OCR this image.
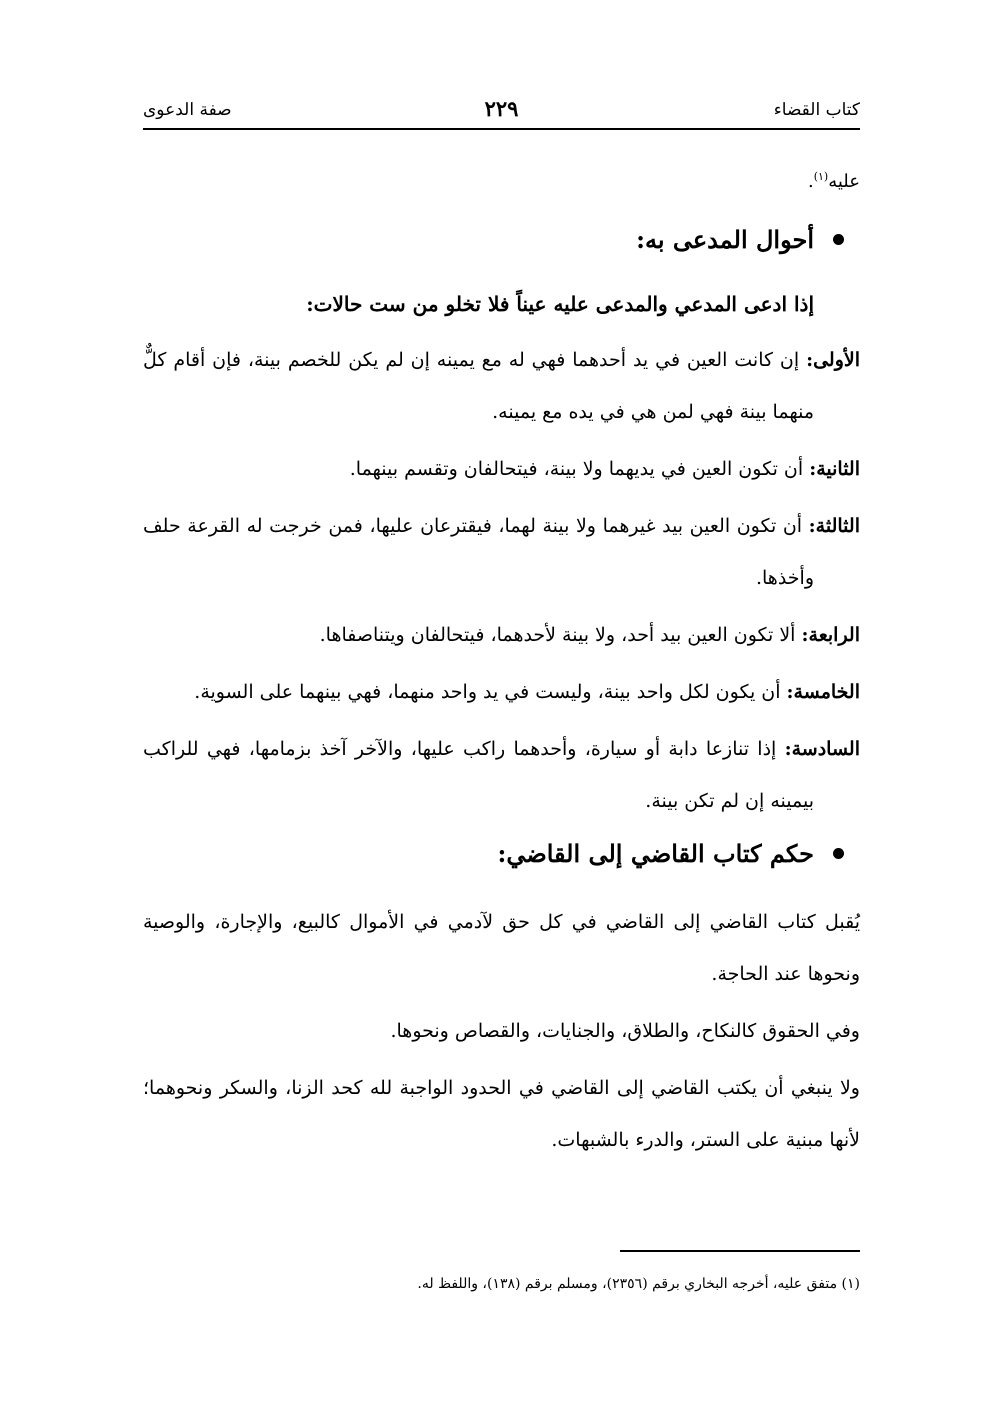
كتاب القضاء
٢٢٩
صفة الدعوى

عليه$^{(١)}$.

أحوال المدعى به:
إذا ادعى المدعي والمدعى عليه عيناً فلا تخلو من ست حالات:

الأولى: إن كانت العين في يد أحدهما فهي له مع يمينه إن لم يكن للخصم بينة، فإن أقام كلٌّ منهما بينة فهي لمن هي في يده مع يمينه.

الثانية: أن تكون العين في يديهما ولا بينة، فيتحالفان وتقسم بينهما.

الثالثة: أن تكون العين بيد غيرهما ولا بينة لهما، فيقترعان عليها، فمن خرجت له القرعة حلف وأخذها.

الرابعة: ألا تكون العين بيد أحد، ولا بينة لأحدهما، فيتحالفان ويتناصفاها.

الخامسة: أن يكون لكل واحد بينة، وليست في يد واحد منهما، فهي بينهما على السوية.

السادسة: إذا تنازعا دابة أو سيارة، وأحدهما راكب عليها، والآخر آخذ بزمامها، فهي للراكب بيمينه إن لم تكن بينة.

حكم كتاب القاضي إلى القاضي:

يُقبل كتاب القاضي إلى القاضي في كل حق لآدمي في الأموال كالبيع، والإجارة، والوصية ونحوها عند الحاجة.

وفي الحقوق كالنكاح، والطلاق، والجنايات، والقصاص ونحوها.

ولا ينبغي أن يكتب القاضي إلى القاضي في الحدود الواجبة لله كحد الزنا، والسكر ونحوهما؛ لأنها مبنية على الستر، والدرء بالشبهات.

(١) متفق عليه، أخرجه البخاري برقم (٢٣٥٦)، ومسلم برقم (١٣٨)، واللفظ له.
